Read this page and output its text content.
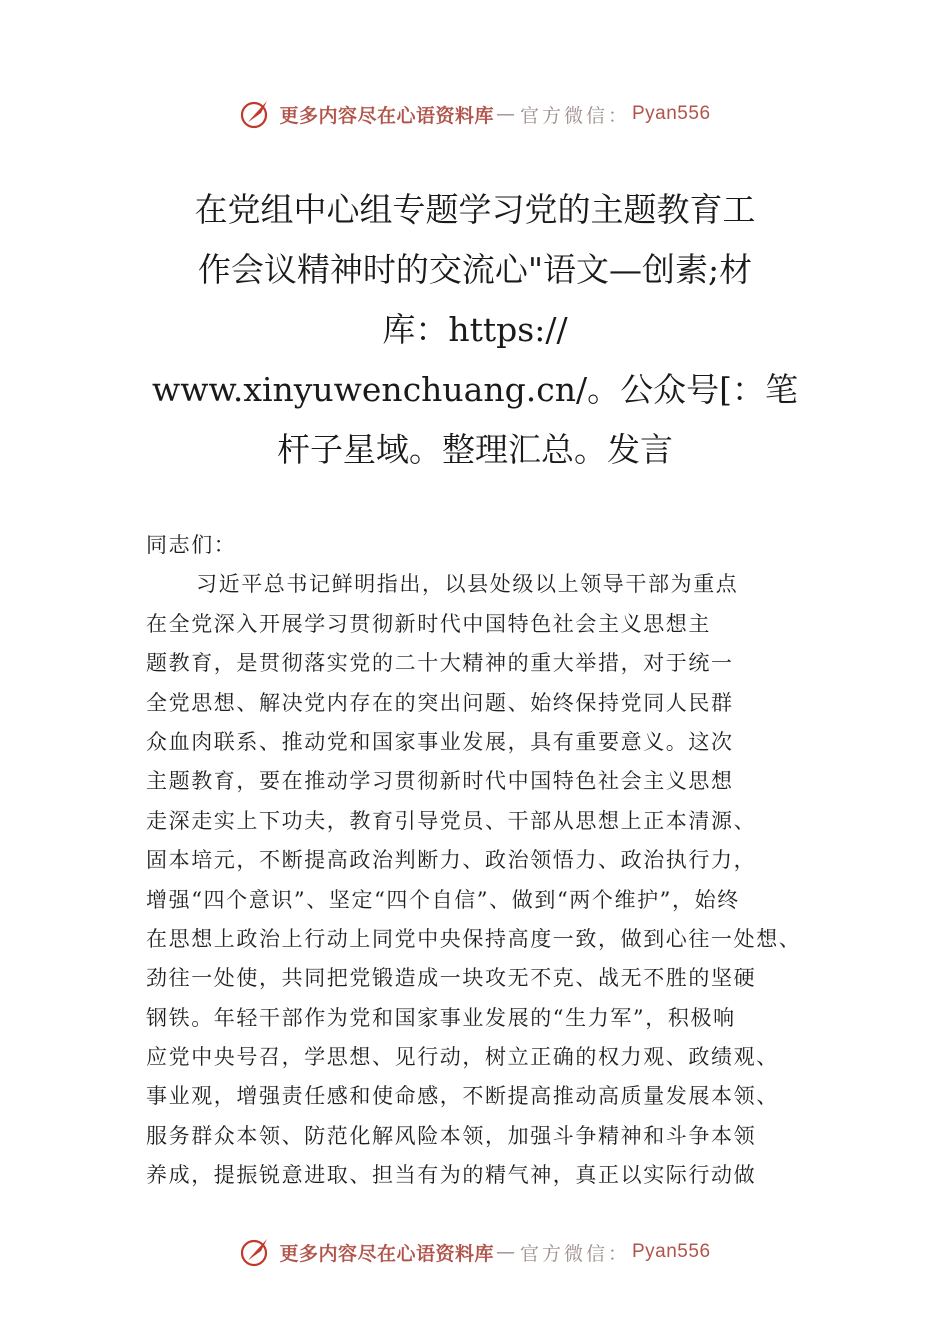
更多内容尽在心语资料库 — 官方微信： Pyan556
在党组中心组专题学习党的主题教育工
作会议精神时的交流心"语文—创素;材
库：https://
www.xinyuwenchuang.cn/。公众号[：笔
杆子星域。整理汇总。发言
同志们：
习近平总书记鲜明指出，以县处级以上领导干部为重点
在全党深入开展学习贯彻新时代中国特色社会主义思想主
题教育，是贯彻落实党的二十大精神的重大举措，对于统一
全党思想、解决党内存在的突出问题、始终保持党同人民群
众血肉联系、推动党和国家事业发展，具有重要意义。这次
主题教育，要在推动学习贯彻新时代中国特色社会主义思想
走深走实上下功夫，教育引导党员、干部从思想上正本清源、
固本培元，不断提高政治判断力、政治领悟力、政治执行力，
增强“四个意识”、坚定“四个自信”、做到“两个维护”，始终
在思想上政治上行动上同党中央保持高度一致，做到心往一处想、
劲往一处使，共同把党锻造成一块攻无不克、战无不胜的坚硬
钢铁。年轻干部作为党和国家事业发展的“生力军”，积极响
应党中央号召，学思想、见行动，树立正确的权力观、政绩观、
事业观，增强责任感和使命感，不断提高推动高质量发展本领、
服务群众本领、防范化解风险本领，加强斗争精神和斗争本领
养成，提振锐意进取、担当有为的精气神，真正以实际行动做
更多内容尽在心语资料库 — 官方微信： Pyan556
